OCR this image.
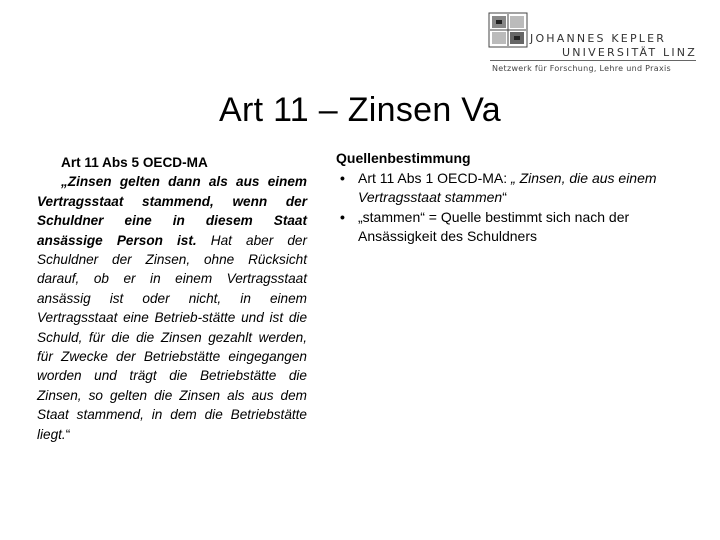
JOHANNES KEPLER
UNIVERSITÄT LINZ
Netzwerk für Forschung, Lehre und Praxis
Art 11 – Zinsen Va
Art 11 Abs 5 OECD-MA
„Zinsen gelten dann als aus einem Vertragsstaat stammend, wenn der Schuldner eine in diesem Staat ansässige Person ist. Hat aber der Schuldner der Zinsen, ohne Rücksicht darauf, ob er in einem Vertragsstaat ansässig ist oder nicht, in einem Vertragsstaat eine Betrieb-stätte und ist die Schuld, für die die Zinsen gezahlt werden, für Zwecke der Betriebstätte eingegangen worden und trägt die Betriebstätte die Zinsen, so gelten die Zinsen als aus dem Staat stammend, in dem die Betriebstätte liegt.“
Quellenbestimmung
• Art 11 Abs 1 OECD-MA: „ Zinsen, die aus einem Vertragsstaat stammen“
• „stammen“ = Quelle bestimmt sich nach der Ansässigkeit des Schuldners
